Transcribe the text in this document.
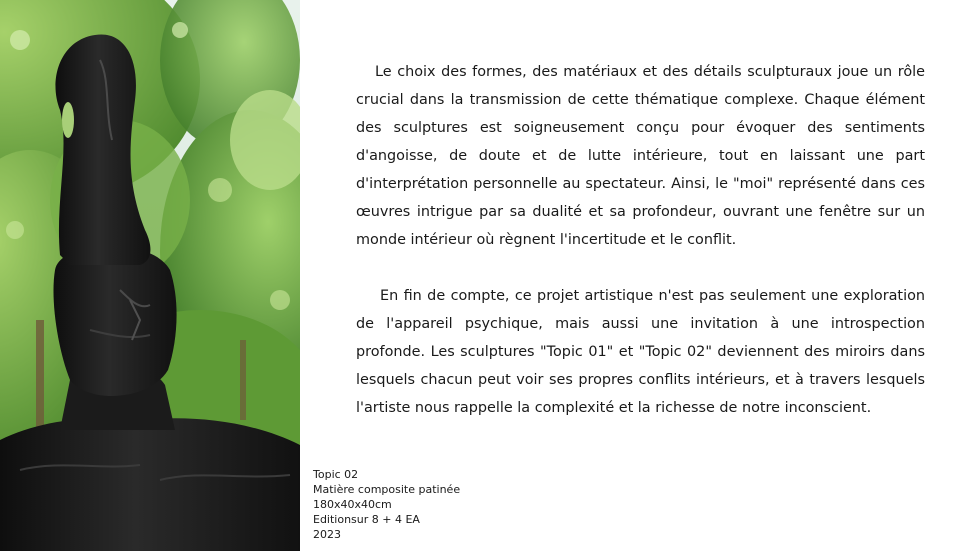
Le choix des formes, des matériaux et des détails sculpturaux joue un rôle crucial dans la transmission de cette thématique complexe. Chaque élément des sculptures est soigneusement conçu pour évoquer des sentiments d'angoisse, de doute et de lutte intérieure, tout en laissant une part d'interprétation personnelle au spectateur. Ainsi, le "moi" représenté dans ces œuvres intrigue par sa dualité et sa profondeur, ouvrant une fenêtre sur un monde intérieur où règnent l'incertitude et le conflit.

En fin de compte, ce projet artistique n'est pas seulement une exploration de l'appareil psychique, mais aussi une invitation à une introspection profonde. Les sculptures "Topic 01" et "Topic 02" deviennent des miroirs dans lesquels chacun peut voir ses propres conflits intérieurs, et à travers lesquels l'artiste nous rappelle la complexité et la richesse de notre inconscient.

Topic 02
Matière composite patinée
180x40x40cm
Editionsur 8 + 4 EA
2023
